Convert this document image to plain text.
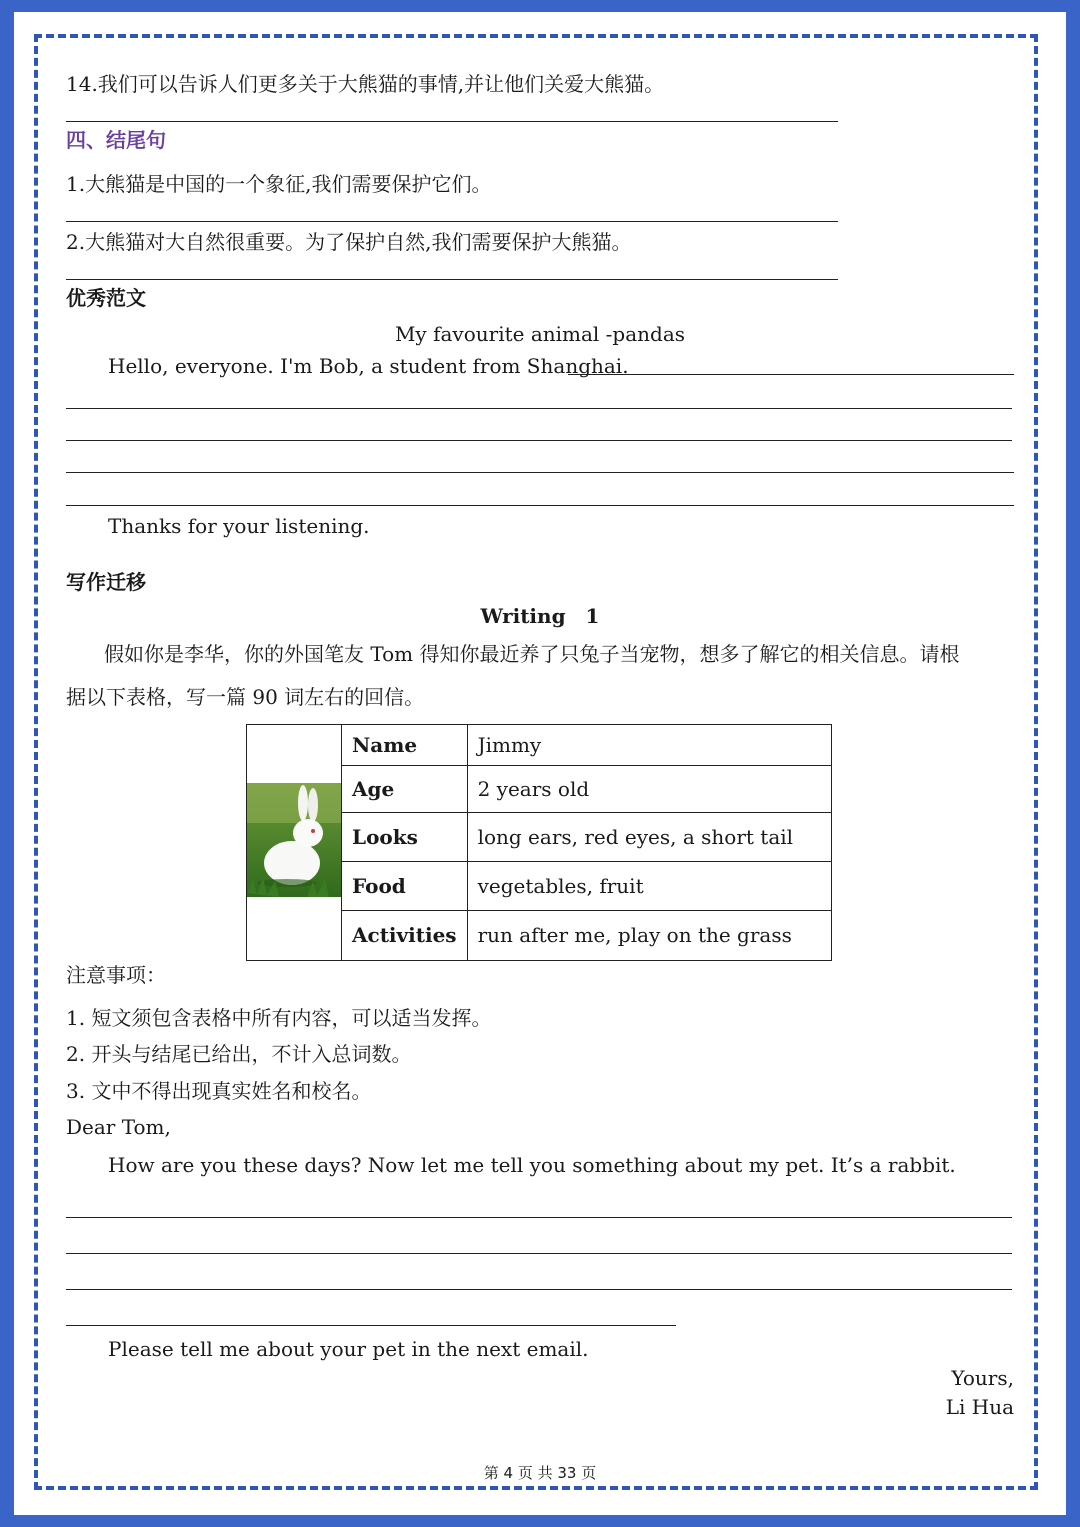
14.我们可以告诉人们更多关于大熊猫的事情,并让他们关爱大熊猫。
四、结尾句
1.大熊猫是中国的一个象征,我们需要保护它们。
2.大熊猫对大自然很重要。为了保护自然,我们需要保护大熊猫。
优秀范文
My favourite animal -pandas
Hello, everyone. I'm Bob, a student from Shanghai.
Thanks for your listening.
写作迁移
Writing　1
假如你是李华，你的外国笔友 Tom 得知你最近养了只兔子当宠物，想多了解它的相关信息。请根
据以下表格，写一篇 90 词左右的回信。
	Name	Jimmy
	Age	2 years old
	Looks	long ears, red eyes, a short tail
	Food	vegetables, fruit
	Activities	run after me, play on the grass
注意事项：
1. 短文须包含表格中所有内容，可以适当发挥。
2. 开头与结尾已给出，不计入总词数。
3. 文中不得出现真实姓名和校名。
Dear Tom,
How are you these days? Now let me tell you something about my pet. It’s a rabbit.
Please tell me about your pet in the next email.
Yours,
Li Hua
第 4 页 共 33 页
